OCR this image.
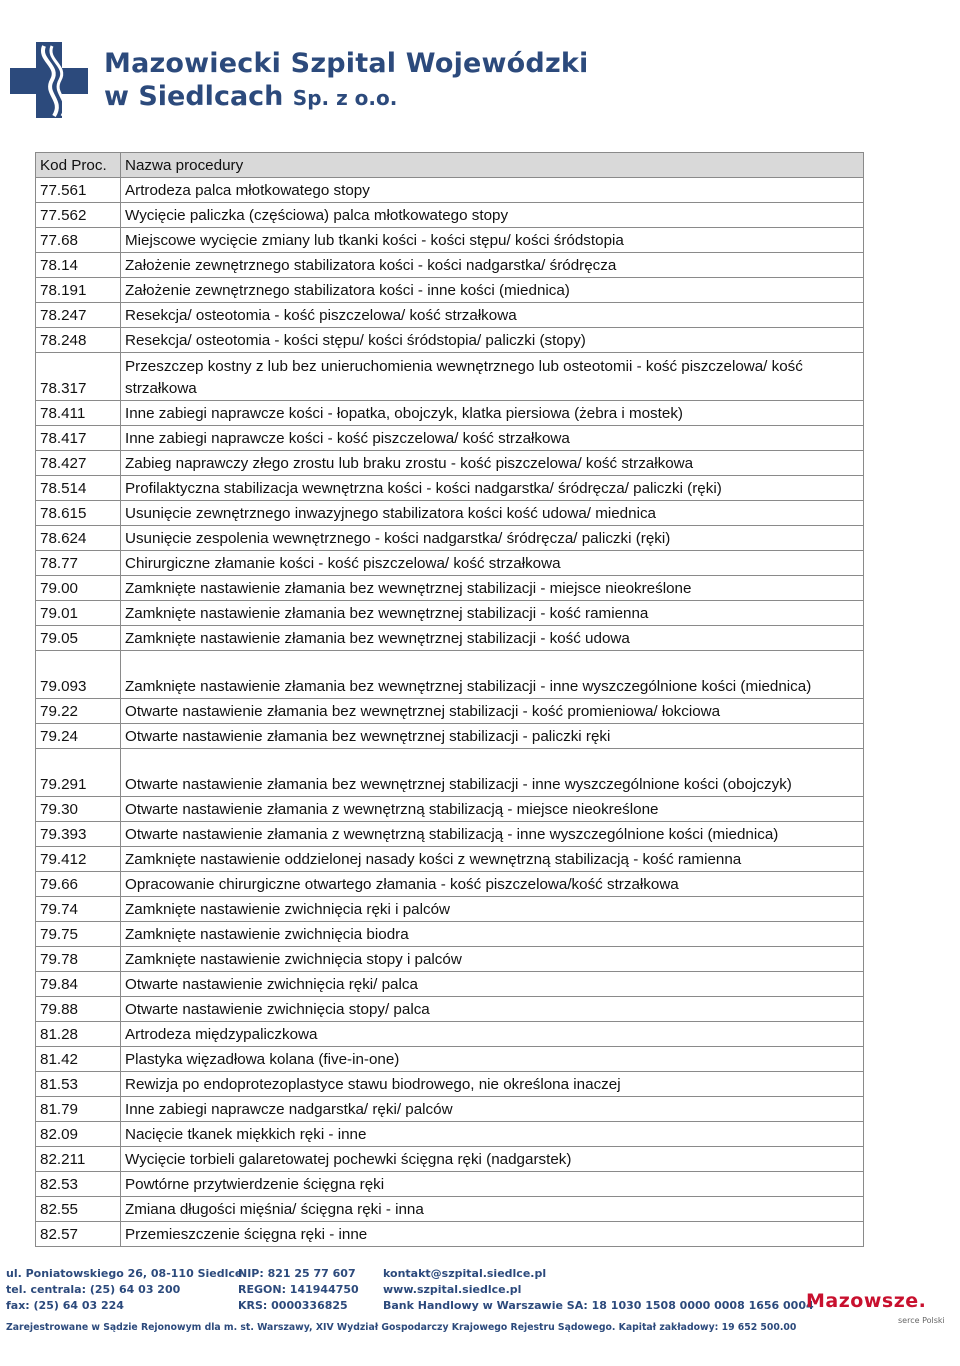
Mazowiecki Szpital Wojewódzki
w Siedlcach Sp. z o.o.
Kod Proc.	Nazwa procedury
77.561	Artrodeza palca młotkowatego stopy
77.562	Wycięcie paliczka (częściowa) palca młotkowatego stopy
77.68	Miejscowe wycięcie zmiany lub tkanki kości - kości stępu/ kości śródstopia
78.14	Założenie zewnętrznego stabilizatora kości - kości nadgarstka/ śródręcza
78.191	Założenie zewnętrznego stabilizatora kości - inne kości (miednica)
78.247	Resekcja/ osteotomia - kość piszczelowa/ kość strzałkowa
78.248	Resekcja/ osteotomia - kości stępu/ kości śródstopia/ paliczki (stopy)
78.317	Przeszczep kostny z lub bez unieruchomienia wewnętrznego lub osteotomii - kość piszczelowa/ kość strzałkowa
78.411	Inne zabiegi naprawcze kości - łopatka, obojczyk, klatka piersiowa (żebra i mostek)
78.417	Inne zabiegi naprawcze kości - kość piszczelowa/ kość strzałkowa
78.427	Zabieg naprawczy złego zrostu lub braku zrostu - kość piszczelowa/ kość strzałkowa
78.514	Profilaktyczna stabilizacja wewnętrzna kości - kości nadgarstka/ śródręcza/ paliczki (ręki)
78.615	Usunięcie zewnętrznego inwazyjnego stabilizatora kości kość udowa/ miednica
78.624	Usunięcie zespolenia wewnętrznego - kości nadgarstka/ śródręcza/ paliczki (ręki)
78.77	Chirurgiczne złamanie kości - kość piszczelowa/ kość strzałkowa
79.00	Zamknięte nastawienie złamania bez wewnętrznej stabilizacji - miejsce nieokreślone
79.01	Zamknięte nastawienie złamania bez wewnętrznej stabilizacji - kość ramienna
79.05	Zamknięte nastawienie złamania bez wewnętrznej stabilizacji - kość udowa
79.093	Zamknięte nastawienie złamania bez wewnętrznej stabilizacji - inne wyszczególnione kości (miednica)
79.22	Otwarte nastawienie złamania bez wewnętrznej stabilizacji - kość promieniowa/ łokciowa
79.24	Otwarte nastawienie złamania bez wewnętrznej stabilizacji - paliczki ręki
79.291	Otwarte nastawienie złamania bez wewnętrznej stabilizacji - inne wyszczególnione kości (obojczyk)
79.30	Otwarte nastawienie złamania z wewnętrzną stabilizacją - miejsce nieokreślone
79.393	Otwarte nastawienie złamania z wewnętrzną stabilizacją - inne wyszczególnione kości (miednica)
79.412	Zamknięte nastawienie oddzielonej nasady kości z wewnętrzną stabilizacją - kość ramienna
79.66	Opracowanie chirurgiczne otwartego złamania - kość piszczelowa/kość strzałkowa
79.74	Zamknięte nastawienie zwichnięcia ręki i palców
79.75	Zamknięte nastawienie zwichnięcia biodra
79.78	Zamknięte nastawienie zwichnięcia stopy i palców
79.84	Otwarte nastawienie zwichnięcia ręki/ palca
79.88	Otwarte nastawienie zwichnięcia stopy/ palca
81.28	Artrodeza międzypaliczkowa
81.42	Plastyka więzadłowa kolana (five-in-one)
81.53	Rewizja po endoprotezoplastyce stawu biodrowego, nie określona inaczej
81.79	Inne zabiegi naprawcze nadgarstka/ ręki/ palców
82.09	Nacięcie tkanek miękkich ręki - inne
82.211	Wycięcie torbieli galaretowatej pochewki ścięgna ręki (nadgarstek)
82.53	Powtórne przytwierdzenie ścięgna ręki
82.55	Zmiana długości mięśnia/ ścięgna ręki - inna
82.57	Przemieszczenie ścięgna ręki - inne
ul. Poniatowskiego 26, 08-110 Siedlce
tel. centrala: (25) 64 03 200
fax: (25) 64 03 224
NIP: 821 25 77 607
REGON: 141944750
KRS: 0000336825
kontakt@szpital.siedlce.pl
www.szpital.siedlce.pl
Bank Handlowy w Warszawie SA: 18 1030 1508 0000 0008 1656 0004
Zarejestrowane w Sądzie Rejonowym dla m. st. Warszawy, XIV Wydział Gospodarczy Krajowego Rejestru Sądowego. Kapitał zakładowy: 19 652 500.00
Mazowsze.
serce Polski
